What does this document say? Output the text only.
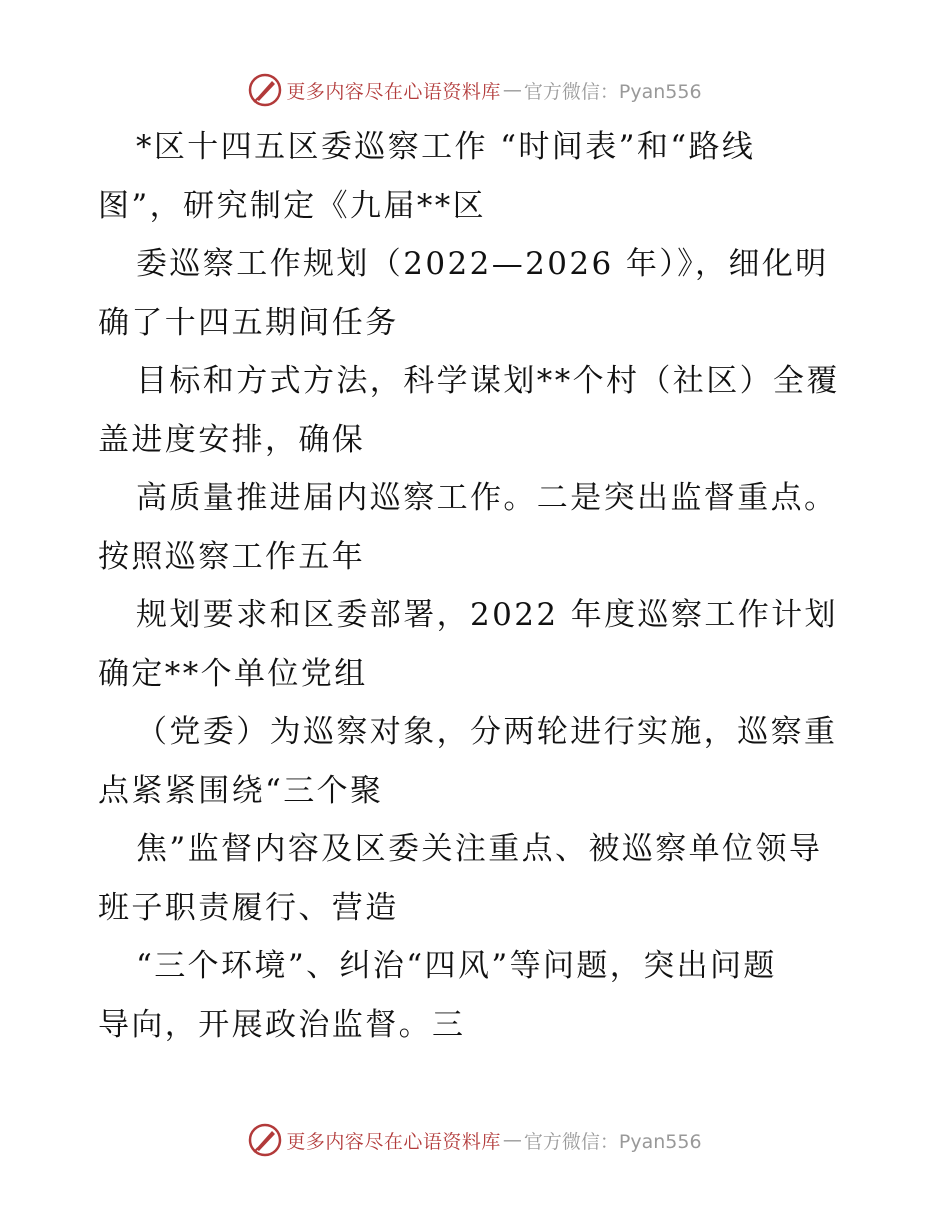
更多内容尽在心语资料库 — 官方微信：Pyan556
*区十四五区委巡察工作 “时间表”和“路线
图”，研究制定《九届**区
委巡察工作规划（2022—2026 年）》，细化明
确了十四五期间任务
目标和方式方法，科学谋划**个村（社区）全覆
盖进度安排，确保
高质量推进届内巡察工作。二是突出监督重点。
按照巡察工作五年
规划要求和区委部署，2022 年度巡察工作计划
确定**个单位党组
（党委）为巡察对象，分两轮进行实施，巡察重
点紧紧围绕“三个聚
焦”监督内容及区委关注重点、被巡察单位领导
班子职责履行、营造
“三个环境”、纠治“四风”等问题，突出问题
导向，开展政治监督。三
更多内容尽在心语资料库 — 官方微信：Pyan556
